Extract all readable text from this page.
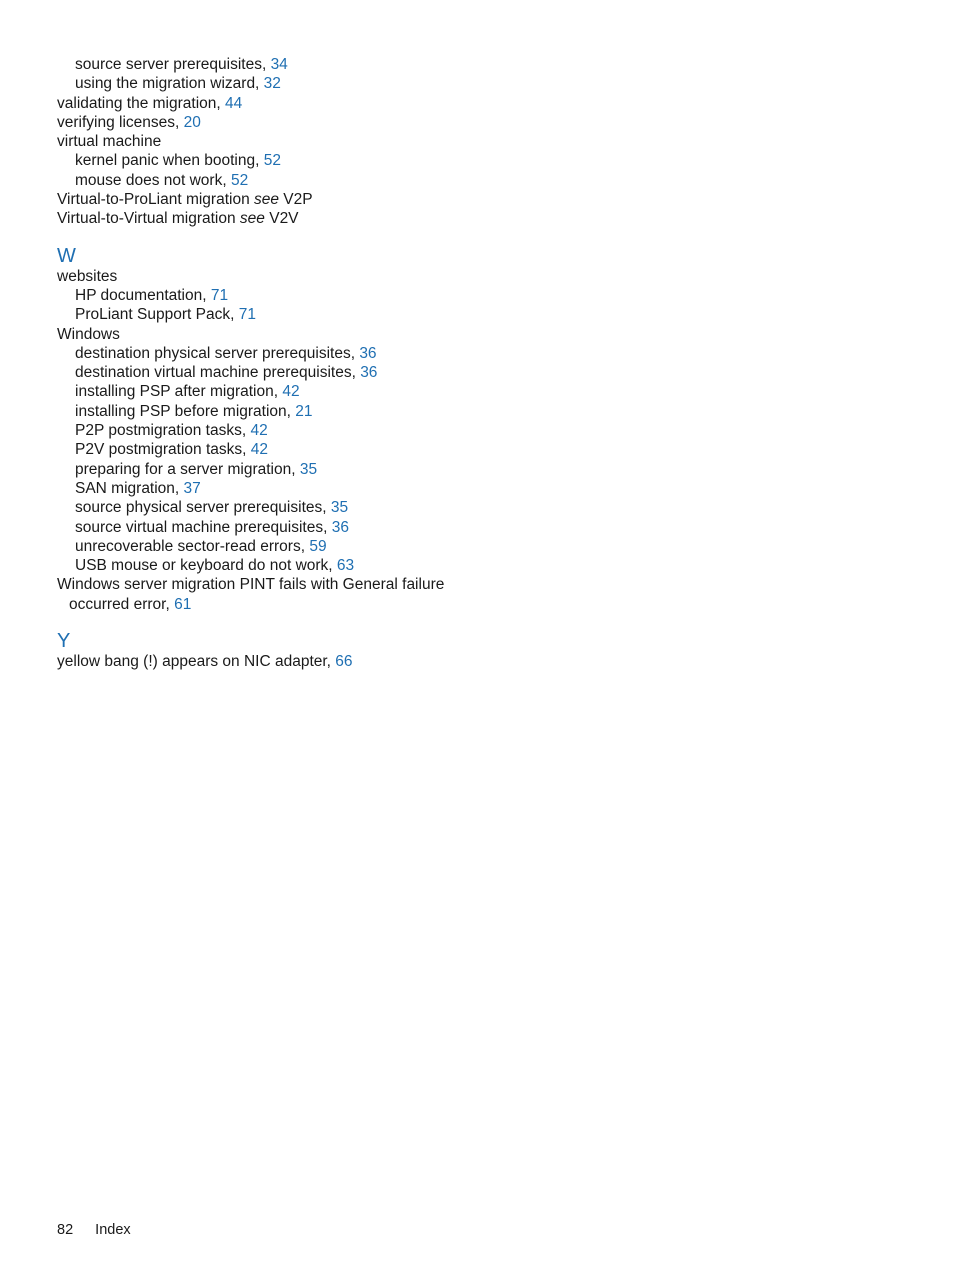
source server prerequisites, 34
using the migration wizard, 32
validating the migration, 44
verifying licenses, 20
virtual machine
kernel panic when booting, 52
mouse does not work, 52
Virtual-to-ProLiant migration see V2P
Virtual-to-Virtual migration see V2V
W
websites
HP documentation, 71
ProLiant Support Pack, 71
Windows
destination physical server prerequisites, 36
destination virtual machine prerequisites, 36
installing PSP after migration, 42
installing PSP before migration, 21
P2P postmigration tasks, 42
P2V postmigration tasks, 42
preparing for a server migration, 35
SAN migration, 37
source physical server prerequisites, 35
source virtual machine prerequisites, 36
unrecoverable sector-read errors, 59
USB mouse or keyboard do not work, 63
Windows server migration PINT fails with General failure
occurred error, 61
Y
yellow bang (!) appears on NIC adapter, 66
82 Index
